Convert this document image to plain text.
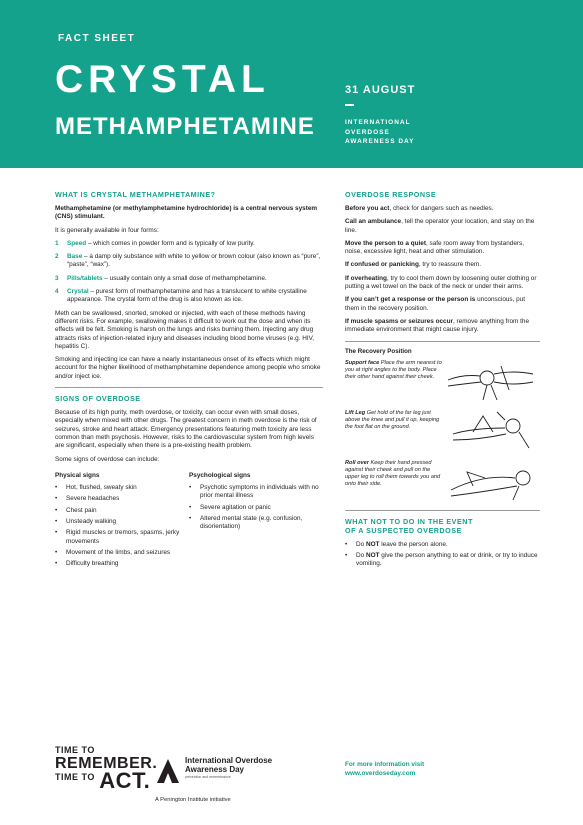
FACT SHEET
CRYSTAL
METHAMPHETAMINE
31 AUGUST
INTERNATIONAL
OVERDOSE
AWARENESS DAY
WHAT IS CRYSTAL METHAMPHETAMINE?

Methamphetamine (or methylamphetamine hydrochloride) is a central nervous system (CNS) stimulant.

It is generally available in four forms:

1	Speed – which comes in powder form and is typically of low purity.
2	Base – a damp oily substance with white to yellow or brown colour (also known as “pure”, “paste”, “wax”).
3	Pills/tablets – usually contain only a small dose of methamphetamine.
4	Crystal – purest form of methamphetamine and has a translucent to white crystalline appearance. The crystal form of the drug is also known as ice.

Meth can be swallowed, snorted, smoked or injected, with each of these methods having different risks. For example, swallowing makes it difficult to work out the dose and when its effects will be felt. Smoking is harsh on the lungs and risks burning them. Injecting any drug attracts risks of injection-related injury and diseases including blood borne viruses (e.g. HIV, hepatitis C).

Smoking and injecting ice can have a nearly instantaneous onset of its effects which might account for the higher likelihood of methamphetamine dependence among people who smoke and/or inject ice.

SIGNS OF OVERDOSE

Because of its high purity, meth overdose, or toxicity, can occur even with small doses, especially when mixed with other drugs. The greatest concern in meth overdose is the risk of seizures, stroke and heart attack. Emergency presentations featuring meth toxicity are less common than meth psychosis. However, risks to the cardiovascular system from high levels are significant, especially when there is a pre-existing health problem.

Some signs of overdose can include:

Physical signs
• Hot, flushed, sweaty skin
• Severe headaches
• Chest pain
• Unsteady walking
• Rigid muscles or tremors, spasms, jerky movements
• Movement of the limbs, and seizures
• Difficulty breathing
Psychological signs
• Psychotic symptoms in individuals with no prior mental illness
• Severe agitation or panic
• Altered mental state (e.g. confusion, disorientation)
OVERDOSE RESPONSE

Before you act, check for dangers such as needles.

Call an ambulance, tell the operator your location, and stay on the line.

Move the person to a quiet, safe room away from bystanders, noise, excessive light, heat and other stimulation.

If confused or panicking, try to reassure them.

If overheating, try to cool them down by loosening outer clothing or putting a wet towel on the back of the neck or under their arms.

If you can’t get a response or the person is unconscious, put them in the recovery position.

If muscle spasms or seizures occur, remove anything from the immediate environment that might cause injury.

The Recovery Position
Support face Place the arm nearest to you at right angles to the body. Place their other hand against their cheek.
Lift Leg Get hold of the far leg just above the knee and pull it up, keeping the foot flat on the ground.
Roll over Keep their hand pressed against their cheek and pull on the upper leg to roll them towards you and onto their side.
WHAT NOT TO DO IN THE EVENT
OF A SUSPECTED OVERDOSE
• Do NOT leave the person alone.
• Do NOT give the person anything to eat or drink, or try to induce vomiting.
TIME TO
REMEMBER.
TIME TO ACT.
International Overdose Awareness Day
prevention and remembrance
A Penington Institute initiative
For more information visit
www.overdoseday.com
